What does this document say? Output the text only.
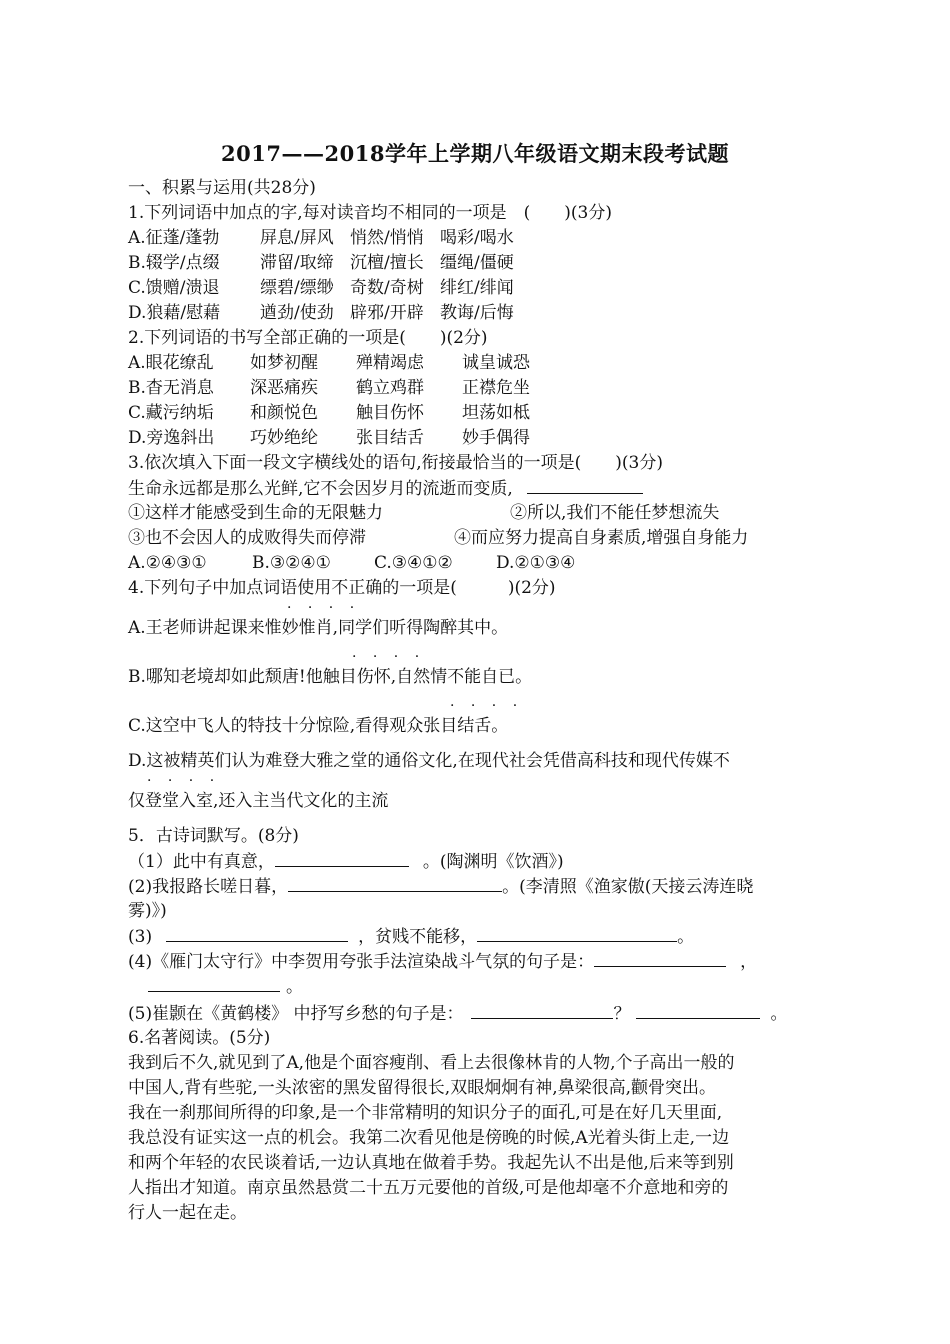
2017——2018学年上学期八年级语文期末段考试题
一、积累与运用(共28分)
1.下列词语中加点的字,每对读音均不相同的一项是　(　　)(3分)
A.征蓬/蓬勃 屏息/屏风 悄然/悄悄 喝彩/喝水
B.辍学/点缀 滞留/取缔 沉檀/擅长 缰绳/僵硬
C.馈赠/溃退 缥碧/缥缈 奇数/奇树 绯红/绯闻
D.狼藉/慰藉 遒劲/使劲 辟邪/开辟 教诲/后悔
2.下列词语的书写全部正确的一项是(　　)(2分)
A.眼花缭乱 如梦初醒 殚精竭虑 诚皇诚恐
B.杳无消息 深恶痛疾 鹤立鸡群 正襟危坐
C.藏污纳垢 和颜悦色 触目伤怀 坦荡如柢
D.旁逸斜出 巧妙绝纶 张目结舌 妙手偶得
3.依次填入下面一段文字横线处的语句,衔接最恰当的一项是(　　)(3分)
生命永远都是那么光鲜,它不会因岁月的流逝而变质,
①这样才能感受到生命的无限魅力	②所以,我们不能任梦想流失
③也不会因人的成败得失而停滞	④而应努力提高自身素质,增强自身能力
A.②④③①	B.③②④①	C.③④①②	D.②①③④
4.下列句子中加点词语使用不正确的一项是(　　　)(2分)
· · · ·
A.王老师讲起课来惟妙惟肖,同学们听得陶醉其中。
· · · ·
B.哪知老境却如此颓唐!他触目伤怀,自然情不能自已。
· · · ·
C.这空中飞人的特技十分惊险,看得观众张目结舌。
D.这被精英们认为难登大雅之堂的通俗文化,在现代社会凭借高科技和现代传媒不
· · · ·
仅登堂入室,还入主当代文化的主流
5．古诗词默写。(8分)
（1）此中有真意，	。(陶渊明《饮酒》)
(2)我报路长嗟日暮，	。(李清照《渔家傲(天接云涛连晓
雾)》)
(3)	，贫贱不能移，	。
(4)《雁门太守行》中李贺用夸张手法渲染战斗气氛的句子是：	，
。
(5)崔颢在《黄鹤楼》 中抒写乡愁的句子是：	？	。
6.名著阅读。(5分)
我到后不久,就见到了A,他是个面容瘦削、看上去很像林肯的人物,个子高出一般的
中国人,背有些驼,一头浓密的黑发留得很长,双眼炯炯有神,鼻梁很高,颧骨突出。
我在一刹那间所得的印象,是一个非常精明的知识分子的面孔,可是在好几天里面,
我总没有证实这一点的机会。我第二次看见他是傍晚的时候,A光着头街上走,一边
和两个年轻的农民谈着话,一边认真地在做着手势。我起先认不出是他,后来等到别
人指出才知道。南京虽然悬赏二十五万元要他的首级,可是他却毫不介意地和旁的
行人一起在走。
